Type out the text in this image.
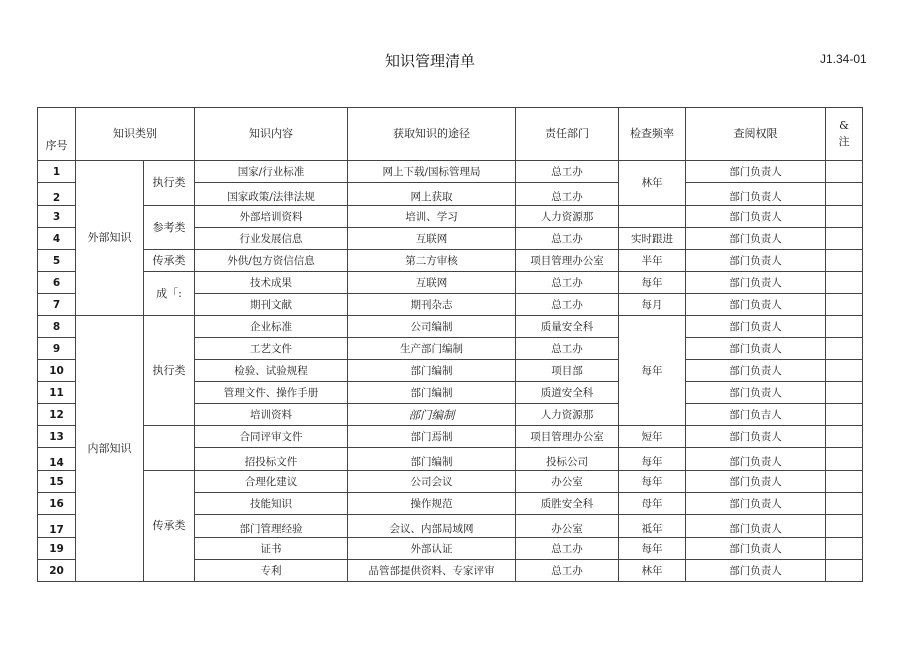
知识管理清单	J1.34-01
序号	知识类别		知识内容	获取知识的途径	责任部门	检查频率	查阅权限	&
注

1	外部知识	执行类	国家/行业标准	网上下载/国标管理局	总工办	林年	部门负责人	
2			国家政策/法律法规	网上获取	总工办		部门负责人	
3		参考类	外部培训资料	培训、学习	人力资源那		部门负责人	
4			行业发展信息	互联网	总工办	实时跟进	部门负责人	
5		传承类	外供/包方资信信息	第二方审核	项目管理办公室	半年	部门负责人	
6		成「:	技术成果	互联网	总工办	每年	部门负责人	
7			期刊文献	期刊杂志	总工办	每月	部门负责人	
8	内部知识	执行类	企业标准	公司编制	质量安全科	每年	部门负责人	
9			工艺文件	生产部门编制	总工办		部门负责人	
10			检验、试验规程	部门编制	项目部		部门负责人	
11			管理文件、操作手册	部门编制	质道安全科		部门负责人	
12			培训资料	部门编制	人力资源那		部门负吉人	
13			合同评审文件	部门焉制	项目管理办公室	短年	部门负责人	
14			招投标文件	部门编制	投标公司	每年	部门负责人	
15		传承类	合理化建议	公司会议	办公室	每年	部门负责人	
16			技能知识	操作规范	质胜安全科	母年	部门负责人	
17			部门管理经验	会议、内部局域网	办公室	祗年	部门负责人	
19			证书	外部认证	总工办	每年	部门负责人	
20			专利	品管部提供资料、专家评审	总工办	林年	部门负责人	
